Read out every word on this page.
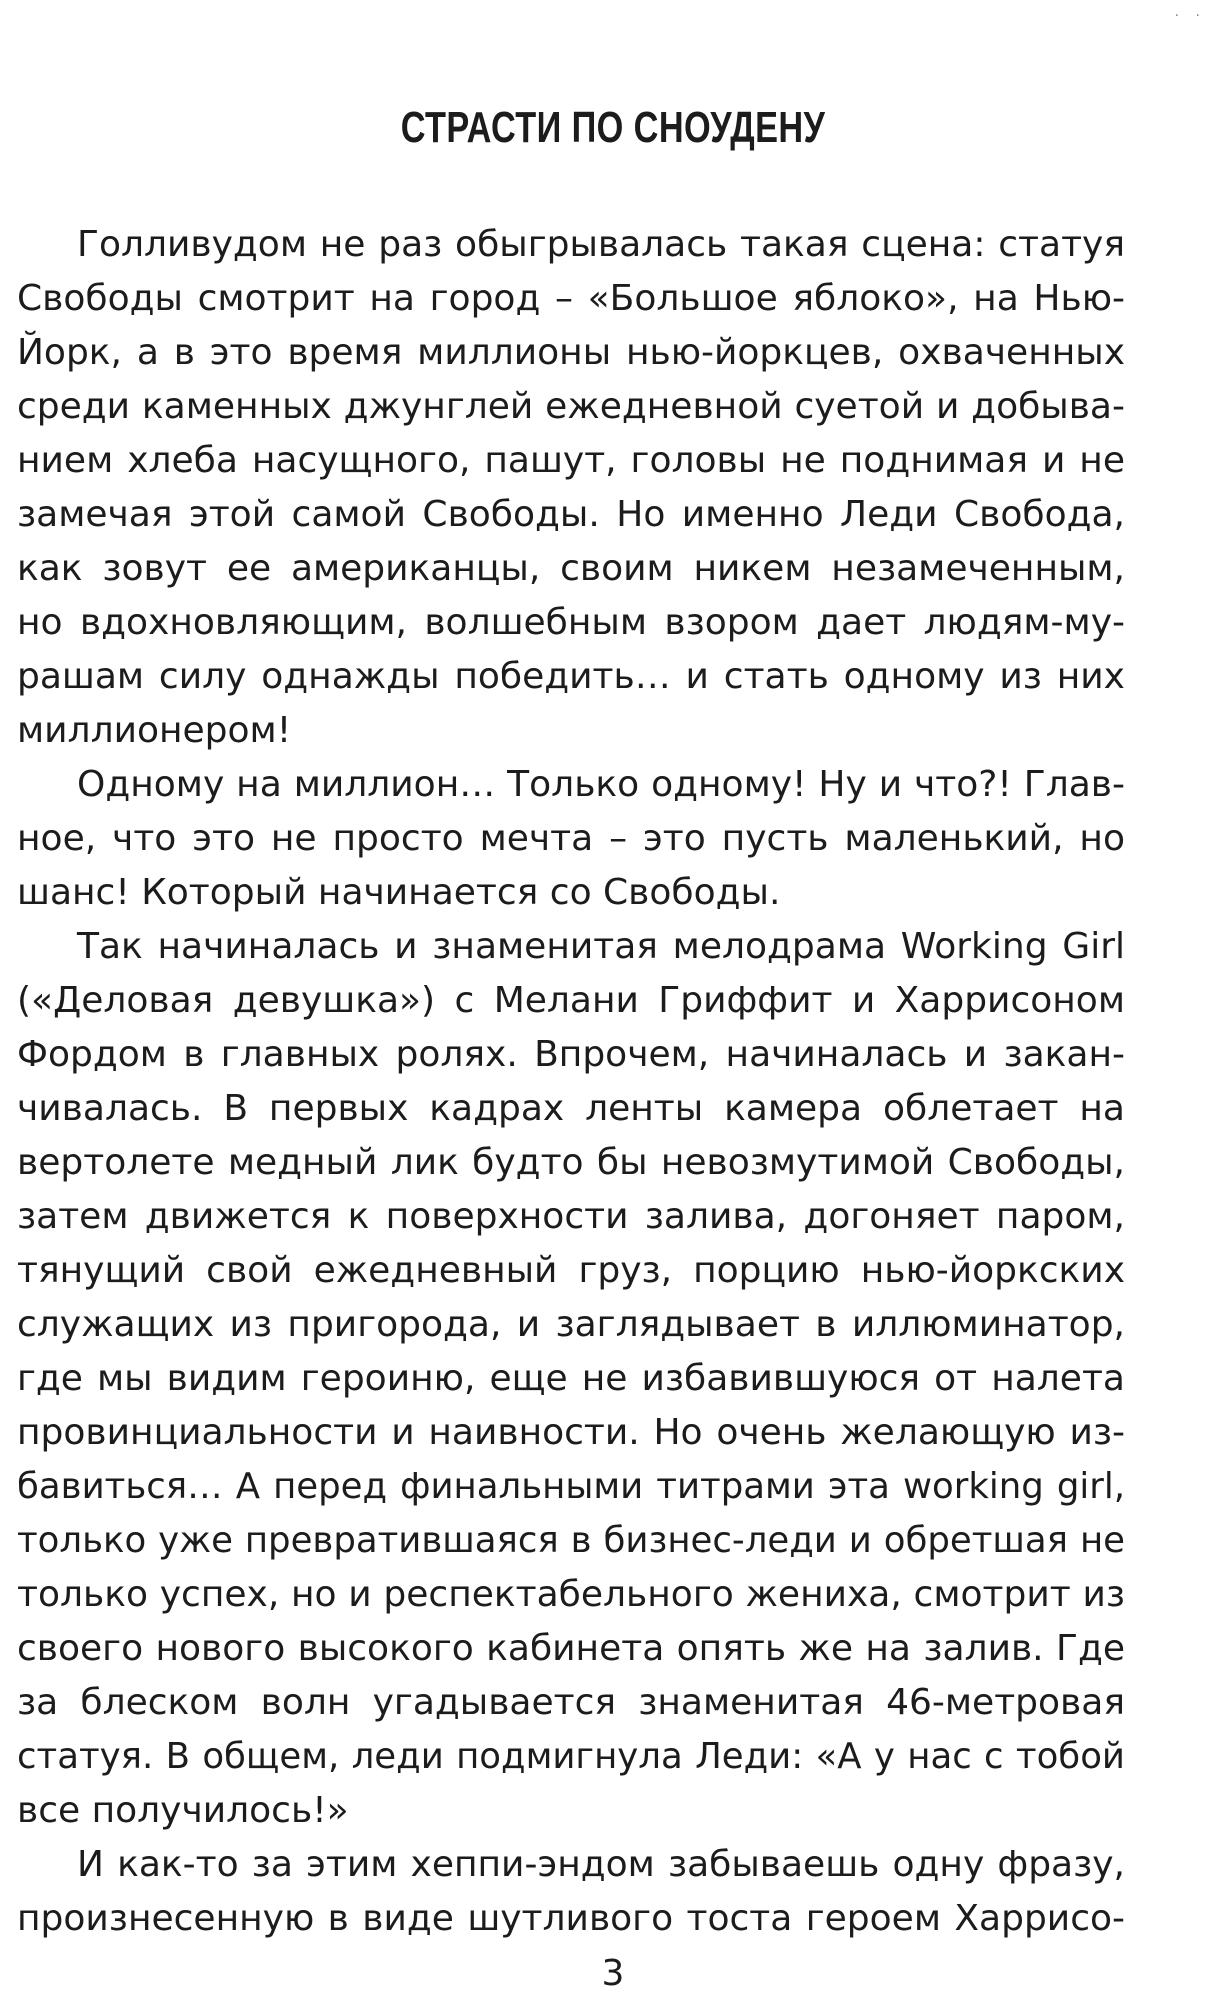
· ·
СТРАСТИ ПО СНОУДЕНУ
Голливудом не раз обыгрывалась такая сцена: статуя
Свободы смотрит на город – «Большое яблоко», на Нью-
Йорк, а в это время миллионы нью-йоркцев, охваченных
среди каменных джунглей ежедневной суетой и добыва-
нием хлеба насущного, пашут, головы не поднимая и не
замечая этой самой Свободы. Но именно Леди Свобода,
как зовут ее американцы, своим никем незамеченным,
но вдохновляющим, волшебным взором дает людям-му-
рашам силу однажды победить… и стать одному из них
миллионером!
Одному на миллион… Только одному! Ну и что?! Глав-
ное, что это не просто мечта – это пусть маленький, но
шанс! Который начинается со Свободы.
Так начиналась и знаменитая мелодрама Working Girl
(«Деловая девушка») с Мелани Гриффит и Харрисоном
Фордом в главных ролях. Впрочем, начиналась и закан-
чивалась. В первых кадрах ленты камера облетает на
вертолете медный лик будто бы невозмутимой Свободы,
затем движется к поверхности залива, догоняет паром,
тянущий свой ежедневный груз, порцию нью-йоркских
служащих из пригорода, и заглядывает в иллюминатор,
где мы видим героиню, еще не избавившуюся от налета
провинциальности и наивности. Но очень желающую из-
бавиться… А перед финальными титрами эта working girl,
только уже превратившаяся в бизнес-леди и обретшая не
только успех, но и респектабельного жениха, смотрит из
своего нового высокого кабинета опять же на залив. Где
за блеском волн угадывается знаменитая 46-метровая
статуя. В общем, леди подмигнула Леди: «А у нас с тобой
все получилось!»
И как-то за этим хеппи-эндом забываешь одну фразу,
произнесенную в виде шутливого тоста героем Харрисо-
3
